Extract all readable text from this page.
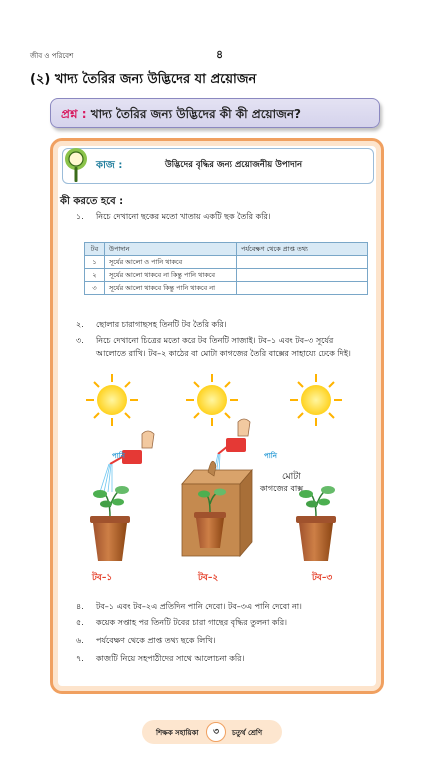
জীব ও পরিবেশ	৪
(২) খাদ্য তৈরির জন্য উদ্ভিদের যা প্রয়োজন
প্রশ্ন : খাদ্য তৈরির জন্য উদ্ভিদের কী কী প্রয়োজন?
কাজ :	উদ্ভিদের বৃদ্ধির জন্য প্রয়োজনীয় উপাদান
কী করতে হবে :
১. নিচে দেখানো ছকের মতো খাতায় একটি ছক তৈরি করি।
টব	উপাদান	পর্যবেক্ষণ থেকে প্রাপ্ত তথ্য
১	সূর্যের আলো ও পানি থাকবে	
২	সূর্যের আলো থাকবে না কিন্তু পানি থাকবে	
৩	সূর্যের আলো থাকবে কিন্তু পানি থাকবে না	
২. ছোলার চারাগাছসহ তিনটি টব তৈরি করি।
৩. নিচে দেখানো চিত্রের মতো করে টব তিনটি সাজাই। টব–১ এবং টব–৩ সূর্যের
আলোতে রাখি। টব–২ কাঠের বা মোটা কাগজের তৈরি বাক্সের সাহায্যে ঢেকে দিই।
পানি	পানি
মোটা
কাগজের বাক্স
টব–১	টব–২	টব–৩
৪. টব–১ এবং টব–২এ প্রতিদিন পানি দেবো। টব–৩এ পানি দেবো না।
৫. কয়েক সপ্তাহ পর তিনটি টবের চারা গাছের বৃদ্ধির তুলনা করি।
৬. পর্যবেক্ষণ থেকে প্রাপ্ত তথ্য ছকে লিখি।
৭. কাজটি নিয়ে সহপাঠীদের সাথে আলোচনা করি।
শিক্ষক সহায়িকা	৩	চতুর্থ শ্রেণি
